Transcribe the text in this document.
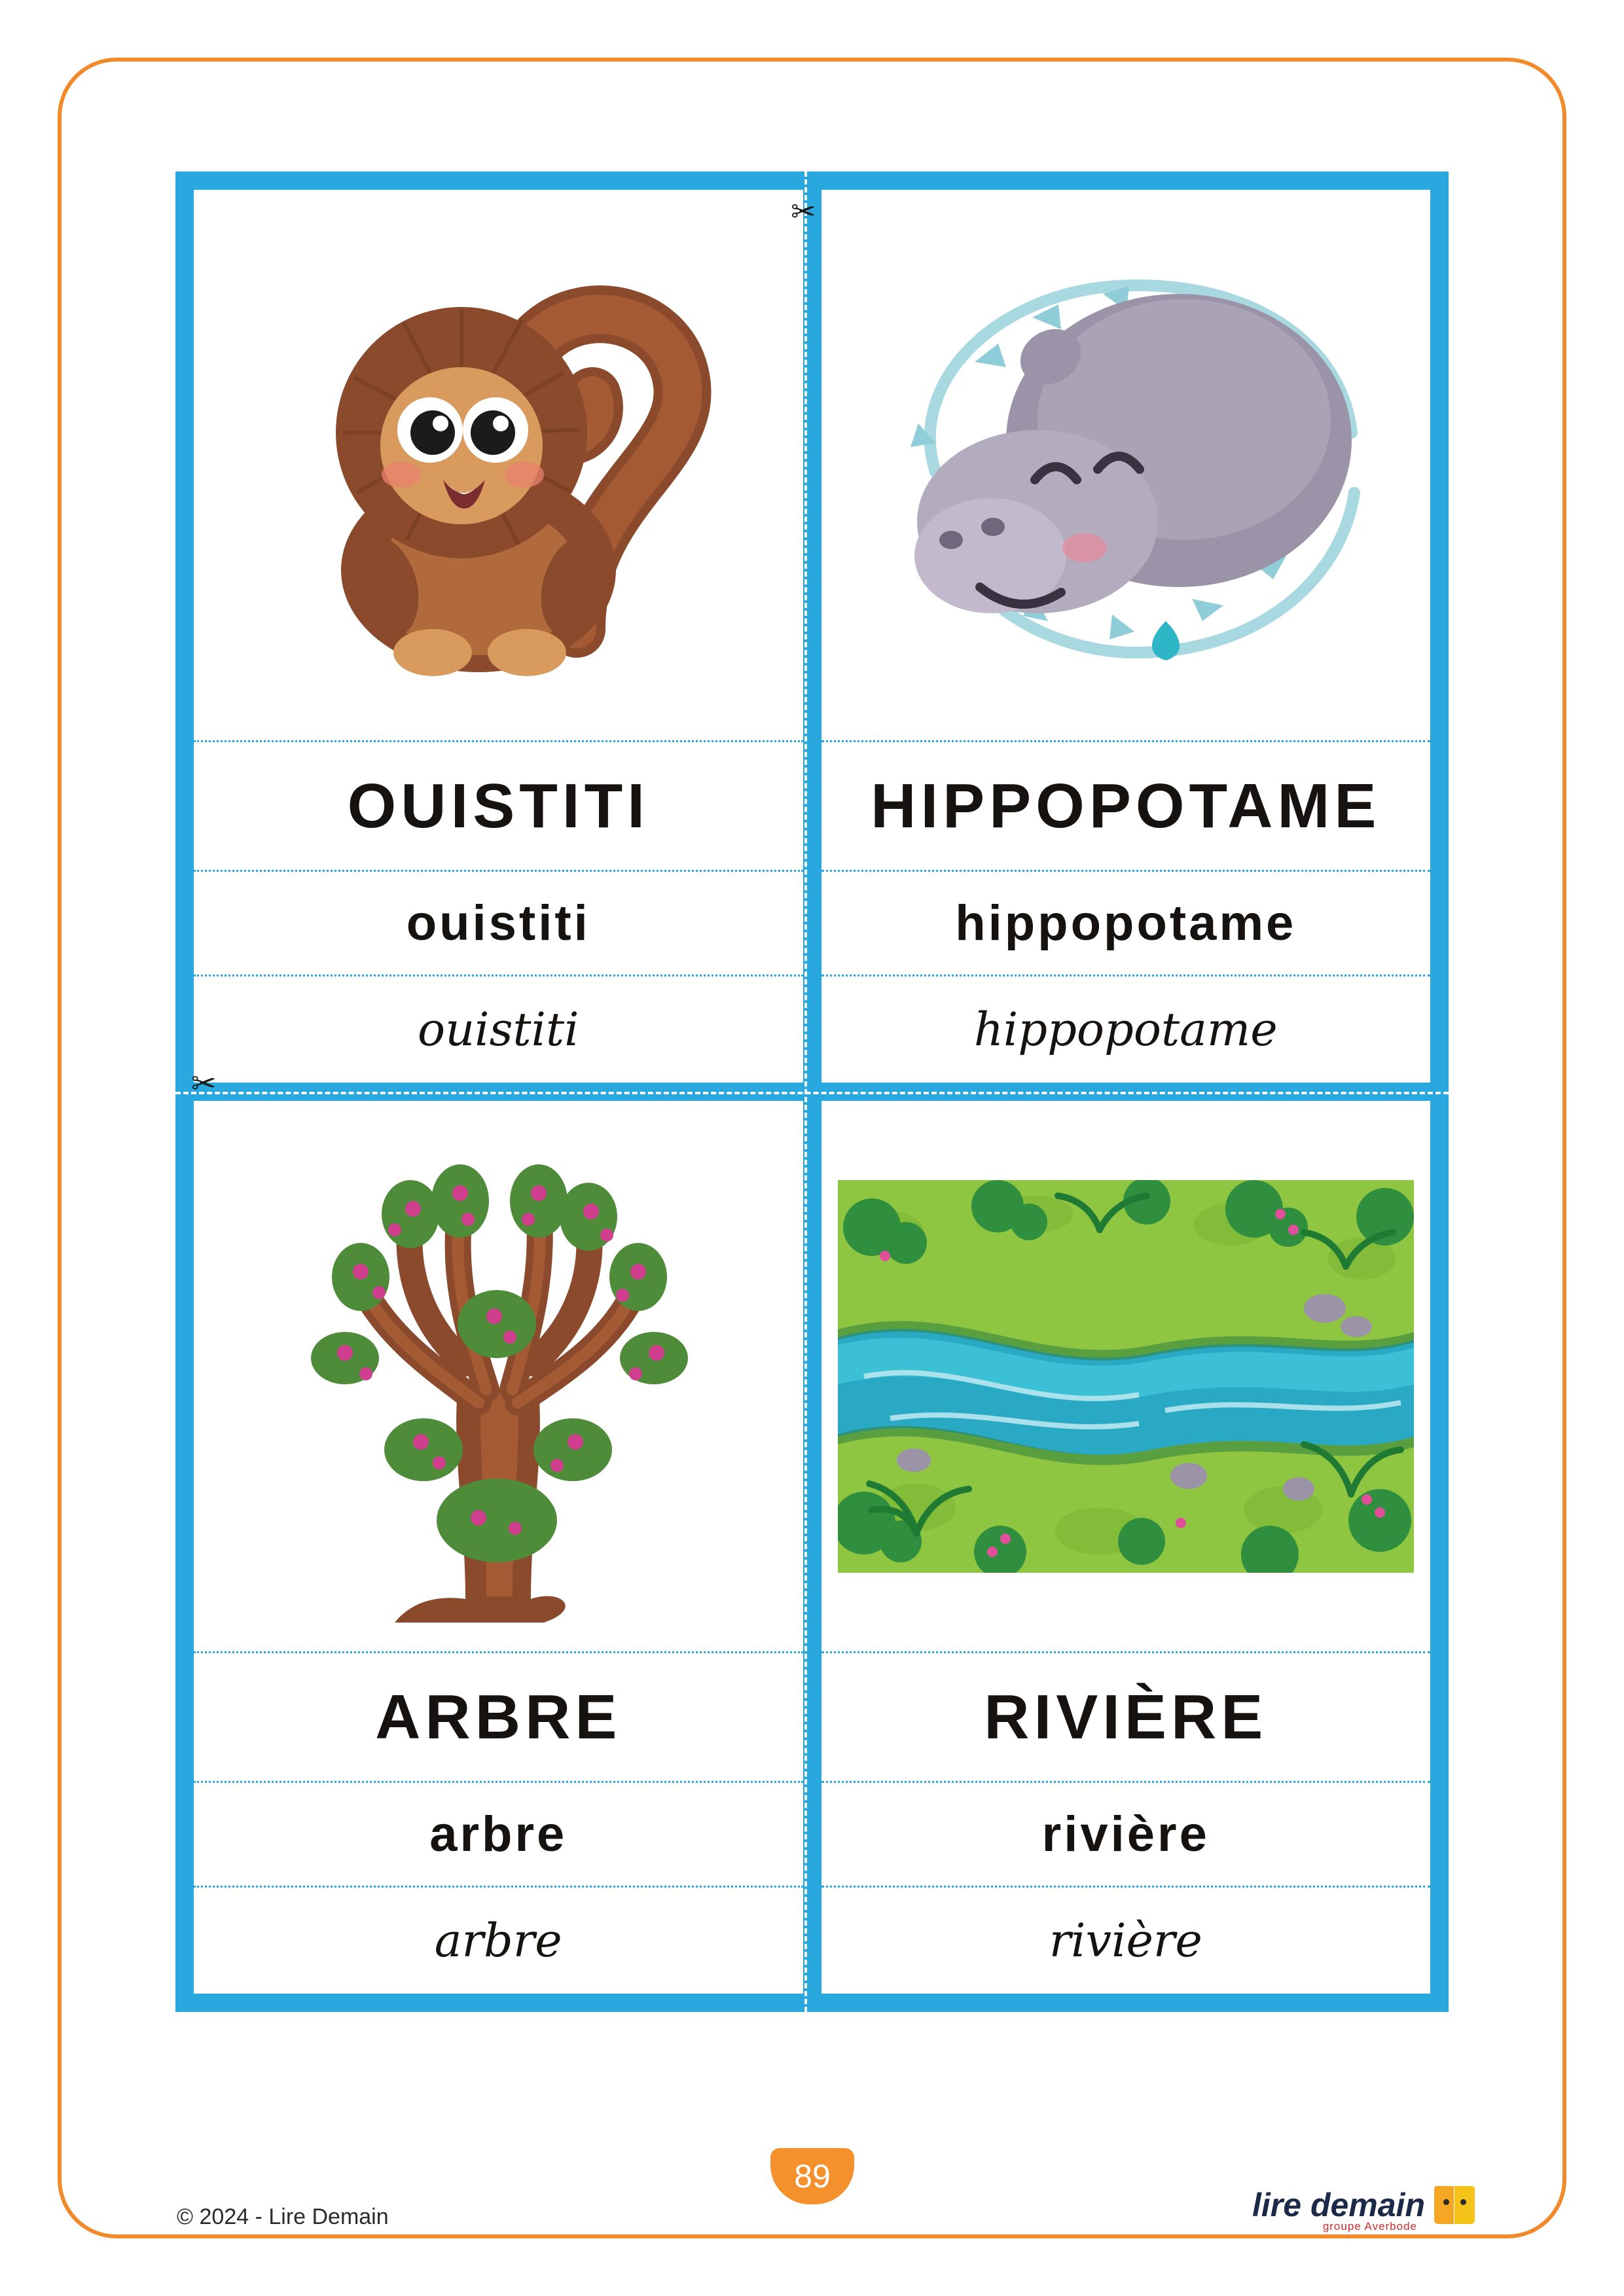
OUISTITI
ouistiti
ouistiti
HIPPOPOTAME
hippopotame
hippopotame
ARBRE
arbre
arbre
RIVIÈRE
rivière
rivière
✂
✂
89
© 2024 - Lire Demain	lire demain
groupe Averbode
